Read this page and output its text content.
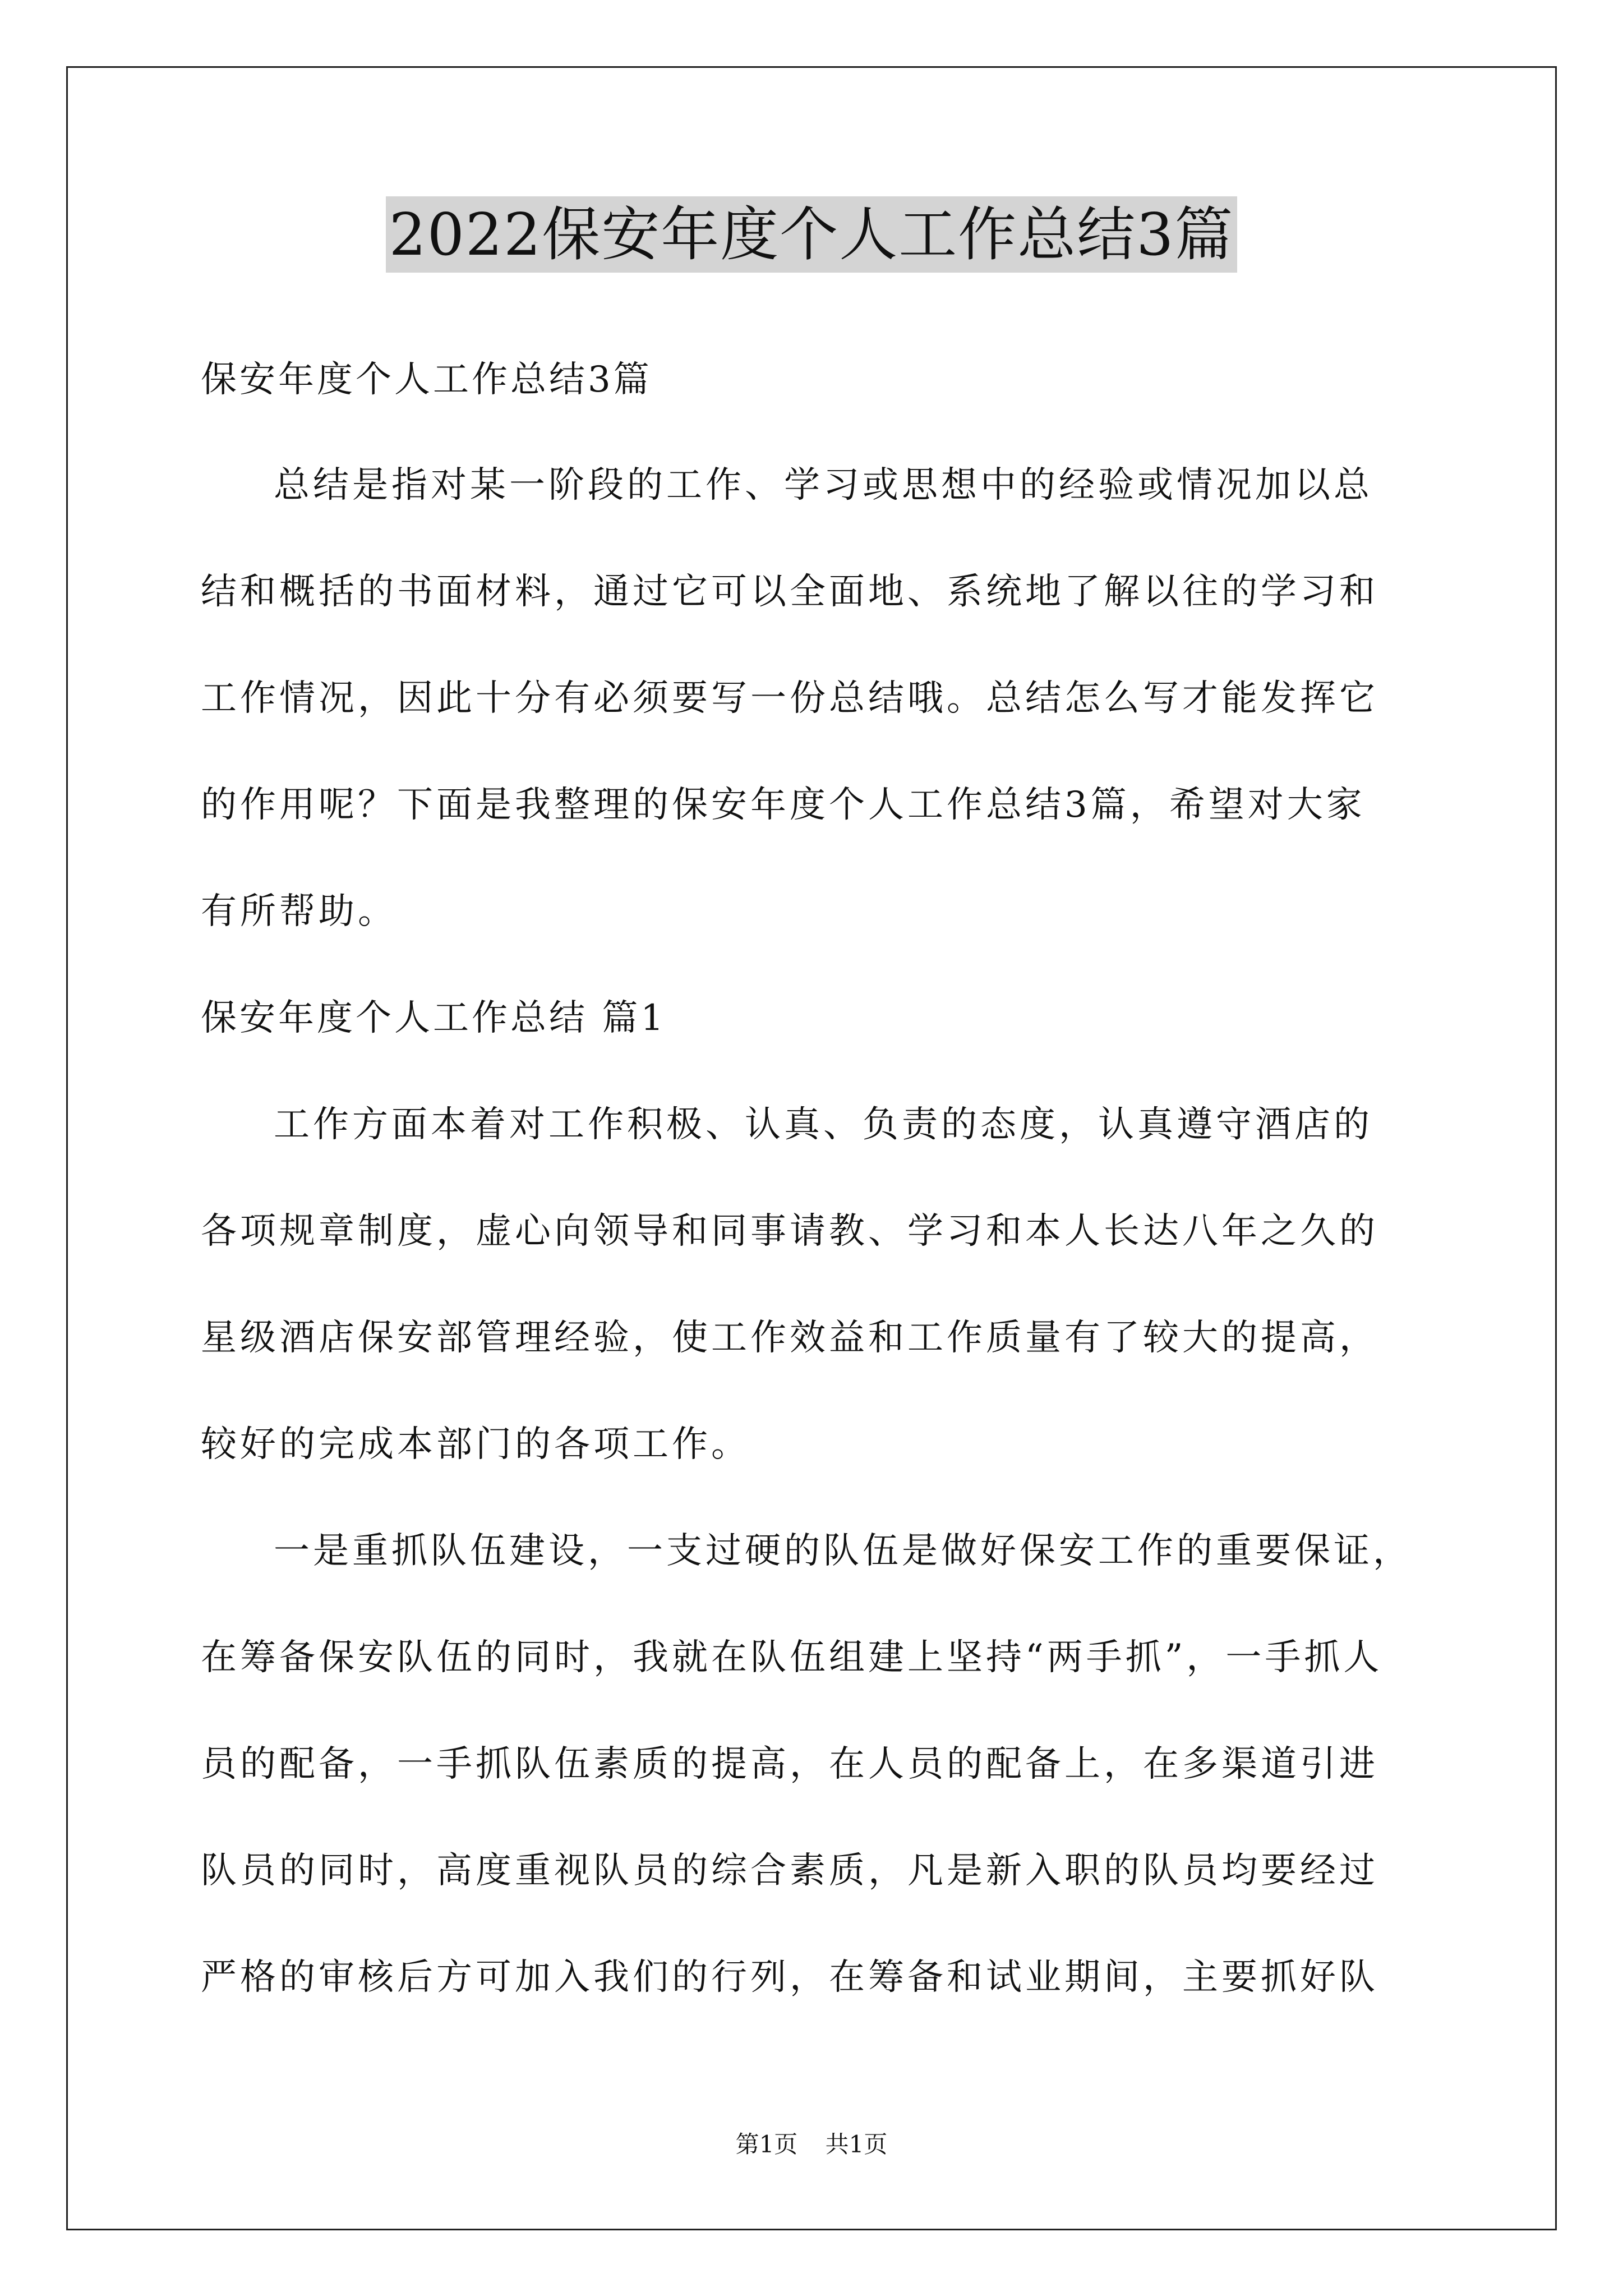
2022保安年度个人工作总结3篇
保安年度个人工作总结3篇
总结是指对某一阶段的工作、学习或思想中的经验或情况加以总
结和概括的书面材料，通过它可以全面地、系统地了解以往的学习和
工作情况，因此十分有必须要写一份总结哦。总结怎么写才能发挥它
的作用呢？下面是我整理的保安年度个人工作总结3篇，希望对大家
有所帮助。
保安年度个人工作总结 篇1
工作方面本着对工作积极、认真、负责的态度，认真遵守酒店的
各项规章制度，虚心向领导和同事请教、学习和本人长达八年之久的
星级酒店保安部管理经验，使工作效益和工作质量有了较大的提高，
较好的完成本部门的各项工作。
一是重抓队伍建设，一支过硬的队伍是做好保安工作的重要保证，
在筹备保安队伍的同时，我就在队伍组建上坚持“两手抓”，一手抓人
员的配备，一手抓队伍素质的提高，在人员的配备上，在多渠道引进
队员的同时，高度重视队员的综合素质，凡是新入职的队员均要经过
严格的审核后方可加入我们的行列，在筹备和试业期间，主要抓好队
第1页 共1页
